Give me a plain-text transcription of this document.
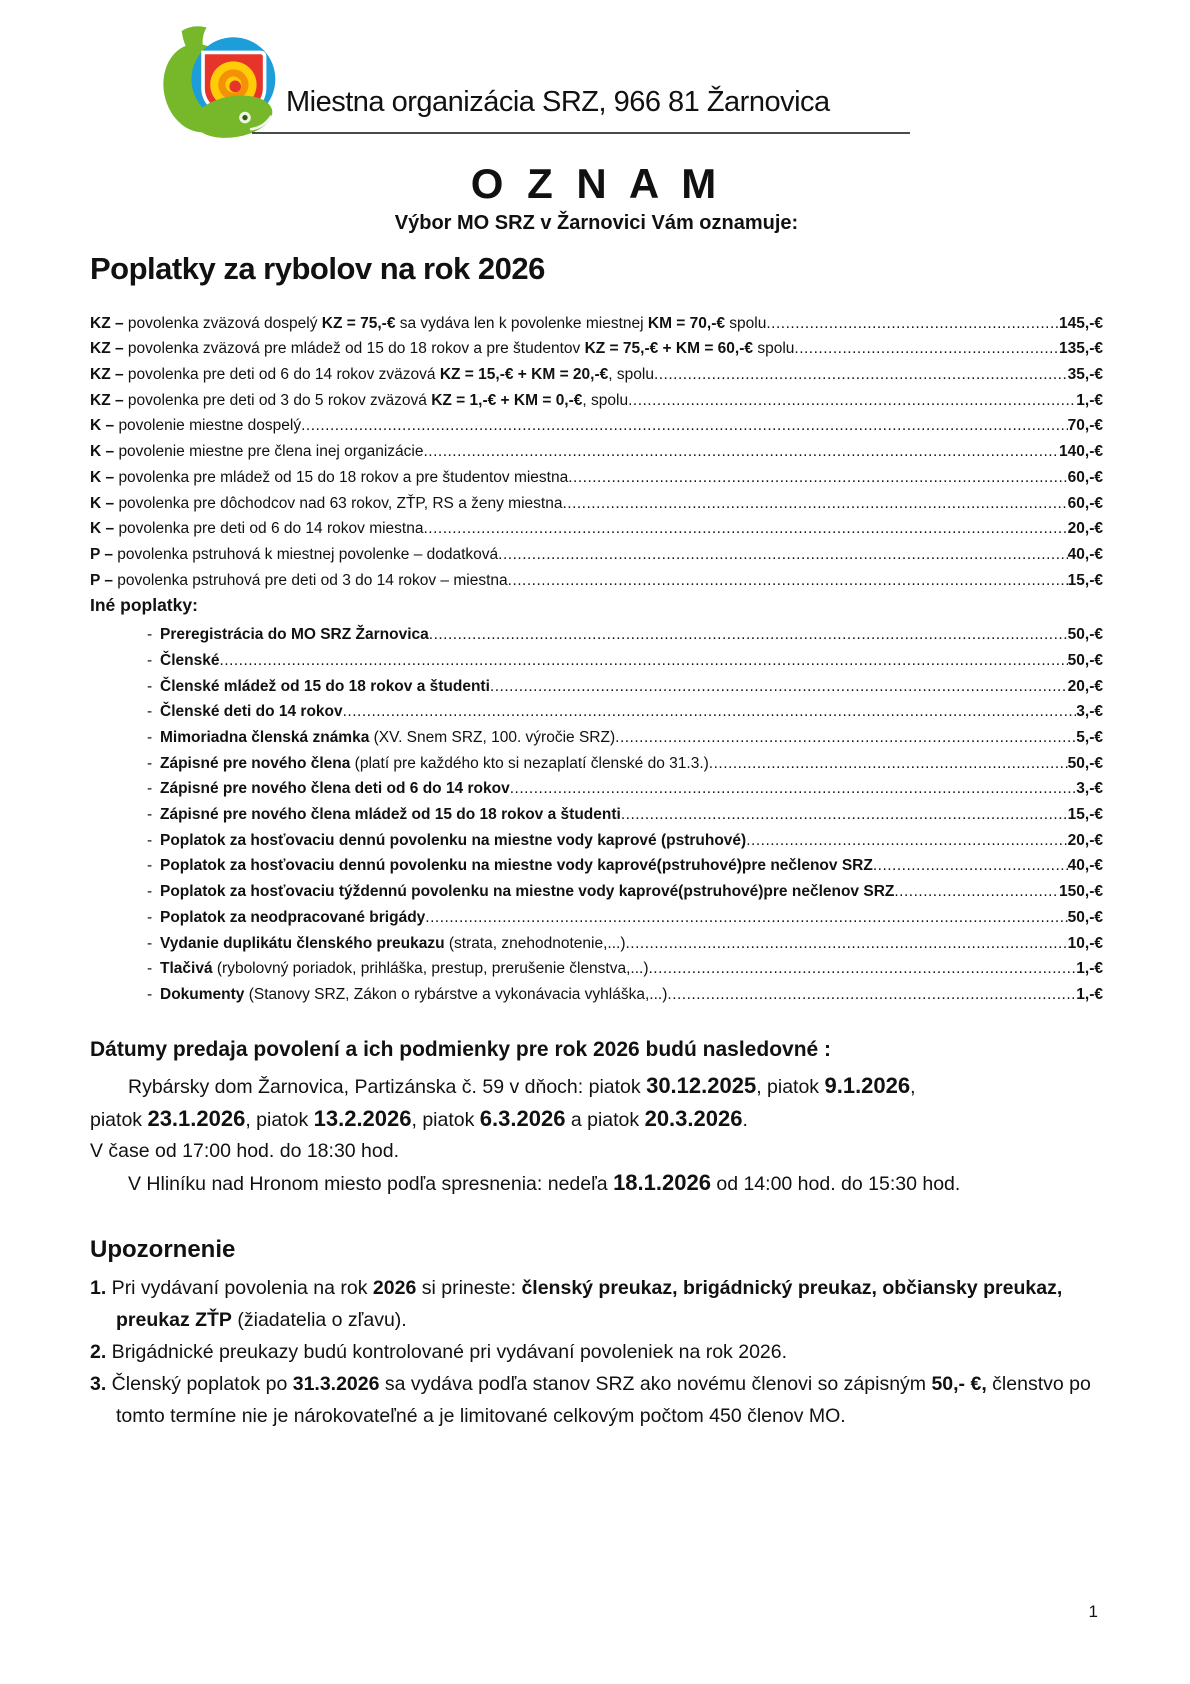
Miestna organizácia SRZ, 966 81 Žarnovica
O Z N A M
Výbor MO SRZ v Žarnovici Vám oznamuje:
Poplatky za rybolov na rok 2026
KZ – povolenka zväzová dospelý KZ = 75,-€ sa vydáva len k povolenke miestnej KM = 70,-€ spolu .....	145,-€
KZ – povolenka zväzová pre mládež od 15 do 18 rokov a pre študentov KZ = 75,-€ + KM = 60,-€ spolu .....	135,-€
KZ – povolenka pre deti od 6 do 14 rokov zväzová KZ = 15,-€ + KM = 20,-€, spolu .....	35,-€
KZ – povolenka pre deti od 3 do 5 rokov zväzová KZ = 1,-€ + KM = 0,-€, spolu .....	1,-€
K – povolenie miestne dospelý .....	70,-€
K – povolenie miestne pre člena inej organizácie .....	140,-€
K – povolenka pre mládež od 15 do 18 rokov a pre študentov miestna .....	60,-€
K – povolenka pre dôchodcov nad 63 rokov, ZŤP, RS a ženy miestna .....	60,-€
K – povolenka pre deti od 6 do 14 rokov miestna .....	20,-€
P – povolenka pstruhová k miestnej povolenke – dodatková .....	40,-€
P – povolenka pstruhová pre deti od 3 do 14 rokov – miestna .....	15,-€
Iné poplatky:
- Preregistrácia do MO SRZ Žarnovica .....	50,-€
- Členské .....	50,-€
- Členské mládež od 15 do 18 rokov a študenti .....	20,-€
- Členské deti do 14 rokov .....	3,-€
- Mimoriadna členská známka (XV. Snem SRZ, 100. výročie SRZ) .....	5,-€
- Zápisné pre nového člena (platí pre každého kto si nezaplatí členské do 31.3.) .....	50,-€
- Zápisné pre nového člena deti od 6 do 14 rokov .....	3,-€
- Zápisné pre nového člena mládež od 15 do 18 rokov a študenti .....	15,-€
- Poplatok za hosťovaciu dennú povolenku na miestne vody kaprové (pstruhové) .....	20,-€
- Poplatok za hosťovaciu dennú povolenku na miestne vody kaprové(pstruhové)pre nečlenov SRZ .....	40,-€
- Poplatok za hosťovaciu týždennú povolenku na miestne vody kaprové(pstruhové)pre nečlenov SRZ .....	150,-€
- Poplatok za neodpracované brigády .....	50,-€
- Vydanie duplikátu členského preukazu (strata, znehodnotenie,...) .....	10,-€
- Tlačivá (rybolovný poriadok, prihláška, prestup, prerušenie členstva,...) .....	1,-€
- Dokumenty (Stanovy SRZ, Zákon o rybárstve a vykonávacia vyhláška,...) .....	1,-€
Dátumy predaja povolení a ich podmienky pre rok 2026 budú nasledovné :
Rybársky dom Žarnovica, Partizánska č. 59 v dňoch: piatok 30.12.2025, piatok 9.1.2026,
piatok 23.1.2026, piatok 13.2.2026, piatok 6.3.2026 a piatok 20.3.2026.
V čase od 17:00 hod. do 18:30 hod.
V Hliníku nad Hronom miesto podľa spresnenia: nedeľa 18.1.2026 od 14:00 hod. do 15:30 hod.
Upozornenie

1. Pri vydávaní povolenia na rok 2026 si prineste: členský preukaz, brigádnický preukaz, občiansky preukaz, preukaz ZŤP (žiadatelia o zľavu).

2. Brigádnické preukazy budú kontrolované pri vydávaní povoleniek na rok 2026.

3. Členský poplatok po 31.3.2026 sa vydáva podľa stanov SRZ ako novému členovi so zápisným 50,- €, členstvo po tomto termíne nie je nárokovateľné a je limitované celkovým počtom 450 členov MO.

1
